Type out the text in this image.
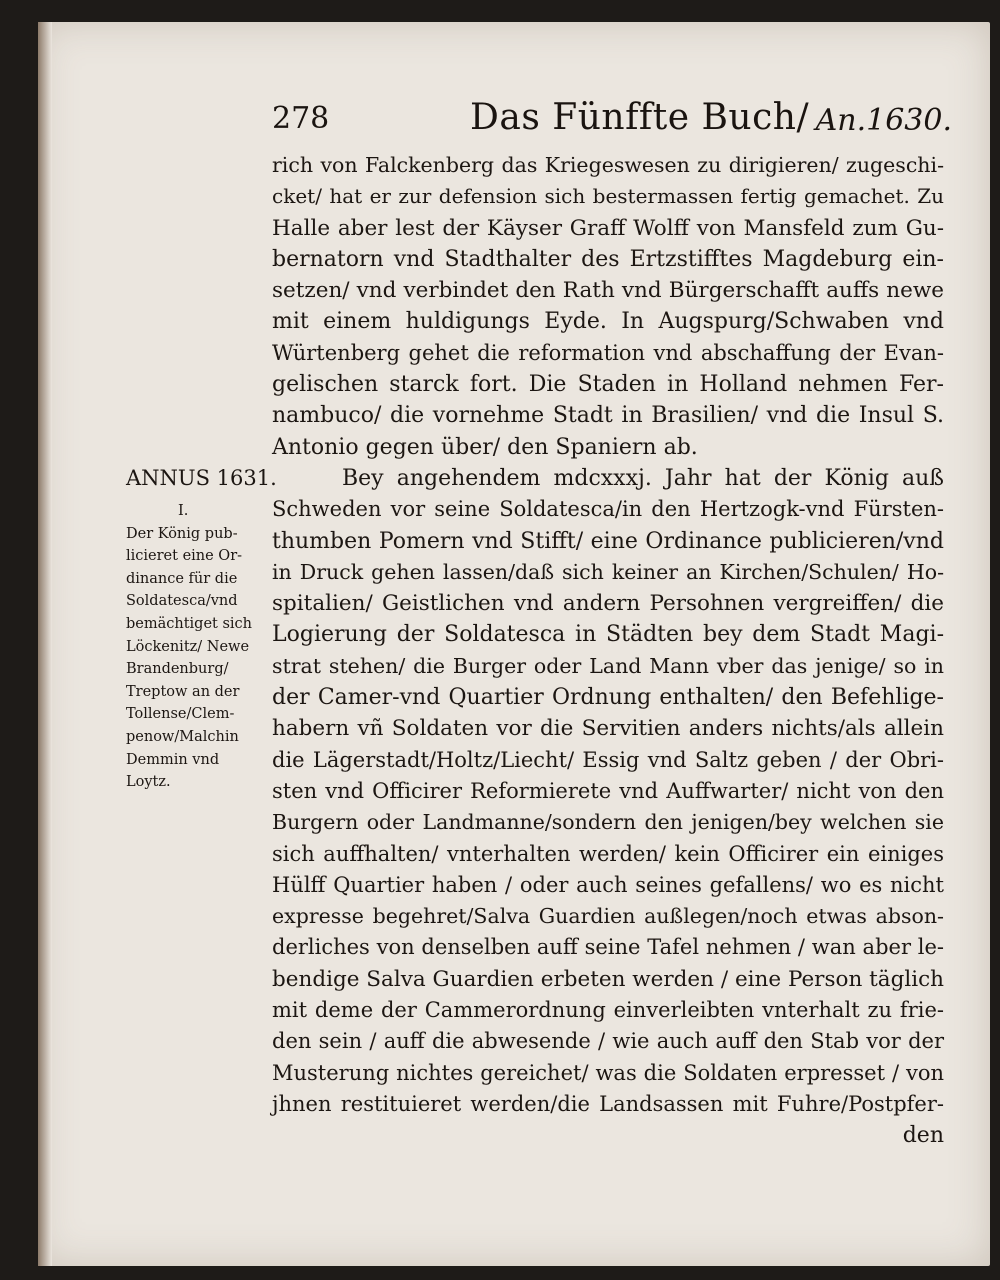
278	Das Fünffte Buch/ An.1630.
ANNUS 1631.
I.
Der König pub-
licieret eine Or-
dinance für die
Soldatesca/vnd
bemächtiget sich
Löckenitz/ Newe
Brandenburg/
Treptow an der
Tollense/Clem-
penow/Malchin
Demmin vnd
Loytz.
rich von Falckenberg das Kriegeswesen zu dirigieren/ zugeschi-
cket/ hat er zur defension sich bestermassen fertig gemachet. Zu
Halle aber lest der Käyser Graff Wolff von Mansfeld zum Gu-
bernatorn vnd Stadthalter des Ertzstifftes Magdeburg ein-
setzen/ vnd verbindet den Rath vnd Bürgerschafft auffs newe
mit einem huldigungs Eyde. In Augspurg/Schwaben vnd
Würtenberg gehet die reformation vnd abschaffung der Evan-
gelischen starck fort. Die Staden in Holland nehmen Fer-
nambuco/ die vornehme Stadt in Brasilien/ vnd die Insul S.
Antonio gegen über/ den Spaniern ab.
Bey angehendem mdcxxxj. Jahr hat der König auß
Schweden vor seine Soldatesca/in den Hertzogk-vnd Fürsten-
thumben Pomern vnd Stifft/ eine Ordinance publicieren/vnd
in Druck gehen lassen/daß sich keiner an Kirchen/Schulen/ Ho-
spitalien/ Geistlichen vnd andern Persohnen vergreiffen/ die
Logierung der Soldatesca in Städten bey dem Stadt Magi-
strat stehen/ die Burger oder Land Mann vber das jenige/ so in
der Camer-vnd Quartier Ordnung enthalten/ den Befehlige-
habern vñ Soldaten vor die Servitien anders nichts/als allein
die Lägerstadt/Holtz/Liecht/ Essig vnd Saltz geben / der Obri-
sten vnd Officirer Reformierete vnd Auffwarter/ nicht von den
Burgern oder Landmanne/sondern den jenigen/bey welchen sie
sich auffhalten/ vnterhalten werden/ kein Officirer ein einiges
Hülff Quartier haben / oder auch seines gefallens/ wo es nicht
expresse begehret/Salva Guardien außlegen/noch etwas abson-
derliches von denselben auff seine Tafel nehmen / wan aber le-
bendige Salva Guardien erbeten werden / eine Person täglich
mit deme der Cammerordnung einverleibten vnterhalt zu frie-
den sein / auff die abwesende / wie auch auff den Stab vor der
Musterung nichtes gereichet/ was die Soldaten erpresset / von
jhnen restituieret werden/die Landsassen mit Fuhre/Postpfer-
den
